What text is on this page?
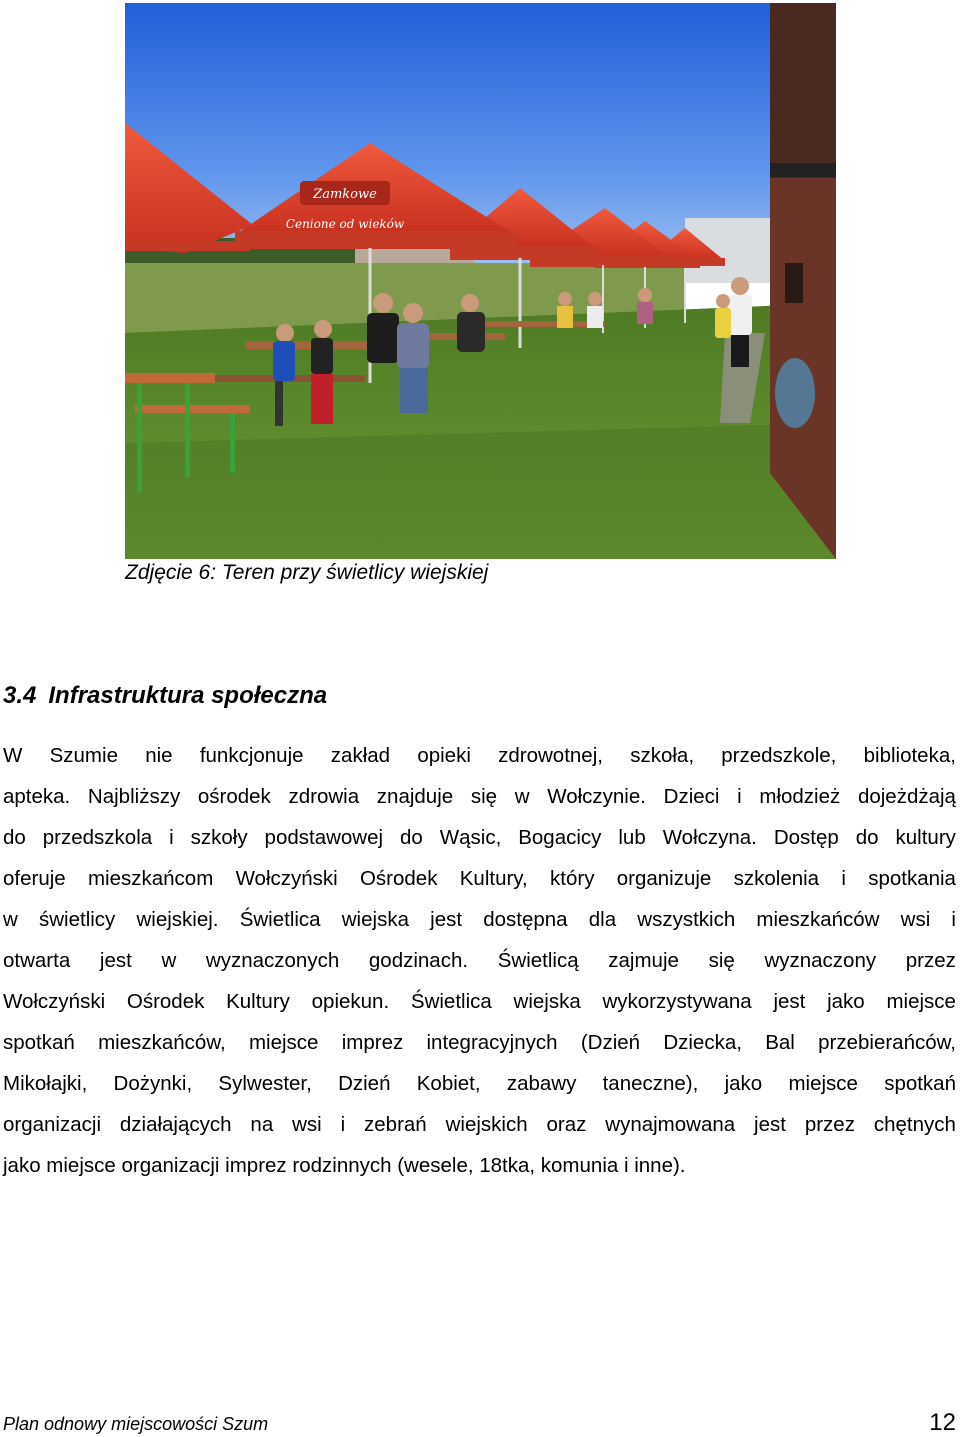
Zamkowe
Cenione od wieków
Zdjęcie 6: Teren przy świetlicy wiejskiej
3.4 Infrastruktura społeczna
W Szumie nie funkcjonuje zakład opieki zdrowotnej, szkoła, przedszkole, biblioteka,
apteka. Najbliższy ośrodek zdrowia znajduje się w Wołczynie. Dzieci i młodzież dojeżdżają
do przedszkola i szkoły podstawowej do Wąsic, Bogacicy lub Wołczyna. Dostęp do kultury
oferuje mieszkańcom Wołczyński Ośrodek Kultury, który organizuje szkolenia i spotkania
w świetlicy wiejskiej. Świetlica wiejska jest dostępna dla wszystkich mieszkańców wsi i
otwarta jest w wyznaczonych godzinach. Świetlicą zajmuje się wyznaczony przez
Wołczyński Ośrodek Kultury opiekun. Świetlica wiejska wykorzystywana jest jako miejsce
spotkań mieszkańców, miejsce imprez integracyjnych (Dzień Dziecka, Bal przebierańców,
Mikołajki, Dożynki, Sylwester, Dzień Kobiet, zabawy taneczne), jako miejsce spotkań
organizacji działających na wsi i zebrań wiejskich oraz wynajmowana jest przez chętnych
jako miejsce organizacji imprez rodzinnych (wesele, 18tka, komunia i inne).
Plan odnowy miejscowości Szum	12
